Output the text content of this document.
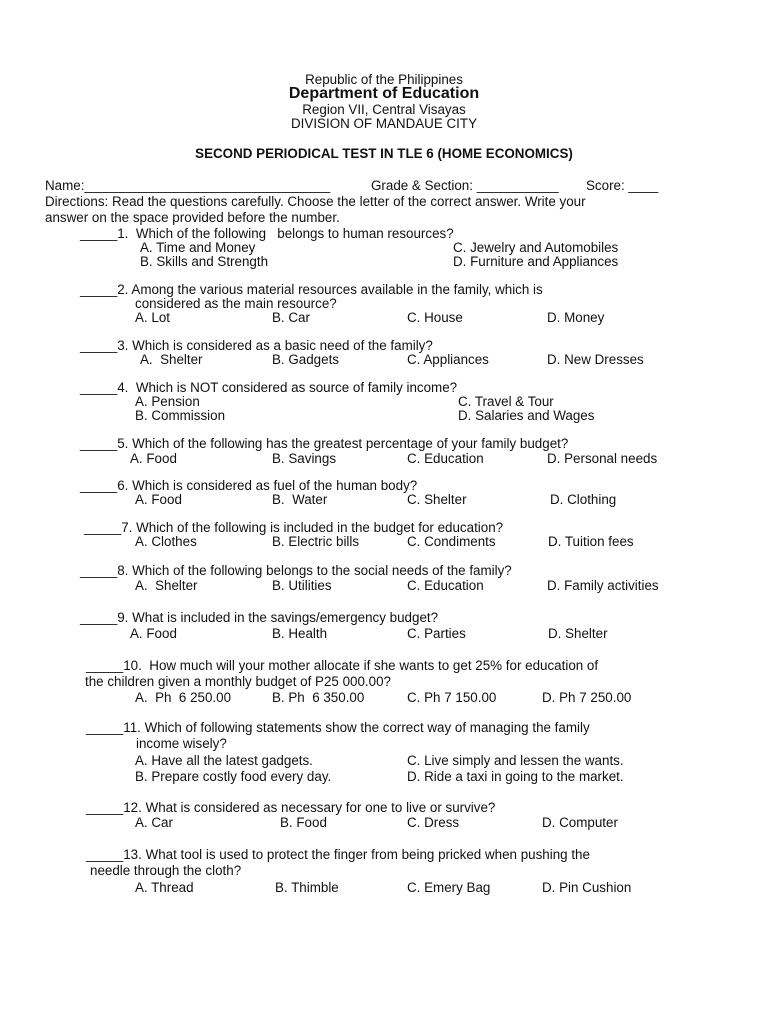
Republic of the Philippines
Department of Education
Region VII, Central Visayas
DIVISION OF MANDAUE CITY
SECOND PERIODICAL TEST IN TLE 6 (HOME ECONOMICS)
Name:_________________________________	Grade & Section: ___________ Score: ____
Directions: Read the questions carefully. Choose the letter of the correct answer. Write your
answer on the space provided before the number.
_____1.  Which of the following   belongs to human resources?
A. Time and Money	C. Jewelry and Automobiles
B. Skills and Strength	D. Furniture and Appliances
_____2. Among the various material resources available in the family, which is
considered as the main resource?
A. Lot	B. Car	C. House	D. Money
_____3. Which is considered as a basic need of the family?
A.  Shelter	B. Gadgets	C. Appliances	D. New Dresses
_____4.  Which is NOT considered as source of family income?
A. Pension	C. Travel & Tour
B. Commission	D. Salaries and Wages
_____5. Which of the following has the greatest percentage of your family budget?
A. Food	B. Savings	C. Education	D. Personal needs
_____6. Which is considered as fuel of the human body?
A. Food	B.  Water	C. Shelter	D. Clothing
_____7. Which of the following is included in the budget for education?
A. Clothes	B. Electric bills	C. Condiments	D. Tuition fees
_____8. Which of the following belongs to the social needs of the family?
A.  Shelter	B. Utilities	C. Education	D. Family activities
_____9. What is included in the savings/emergency budget?
A. Food	B. Health	C. Parties	D. Shelter
_____10.  How much will your mother allocate if she wants to get 25% for education of
the children given a monthly budget of P25 000.00?
A.  Ph  6 250.00	B. Ph  6 350.00	C. Ph 7 150.00	D. Ph 7 250.00
_____11. Which of following statements show the correct way of managing the family
income wisely?
A. Have all the latest gadgets.	C. Live simply and lessen the wants.
B. Prepare costly food every day.	D. Ride a taxi in going to the market.
_____12. What is considered as necessary for one to live or survive?
A. Car	B. Food	C. Dress	D. Computer
_____13. What tool is used to protect the finger from being pricked when pushing the
needle through the cloth?
A. Thread	B. Thimble	C. Emery Bag	D. Pin Cushion
